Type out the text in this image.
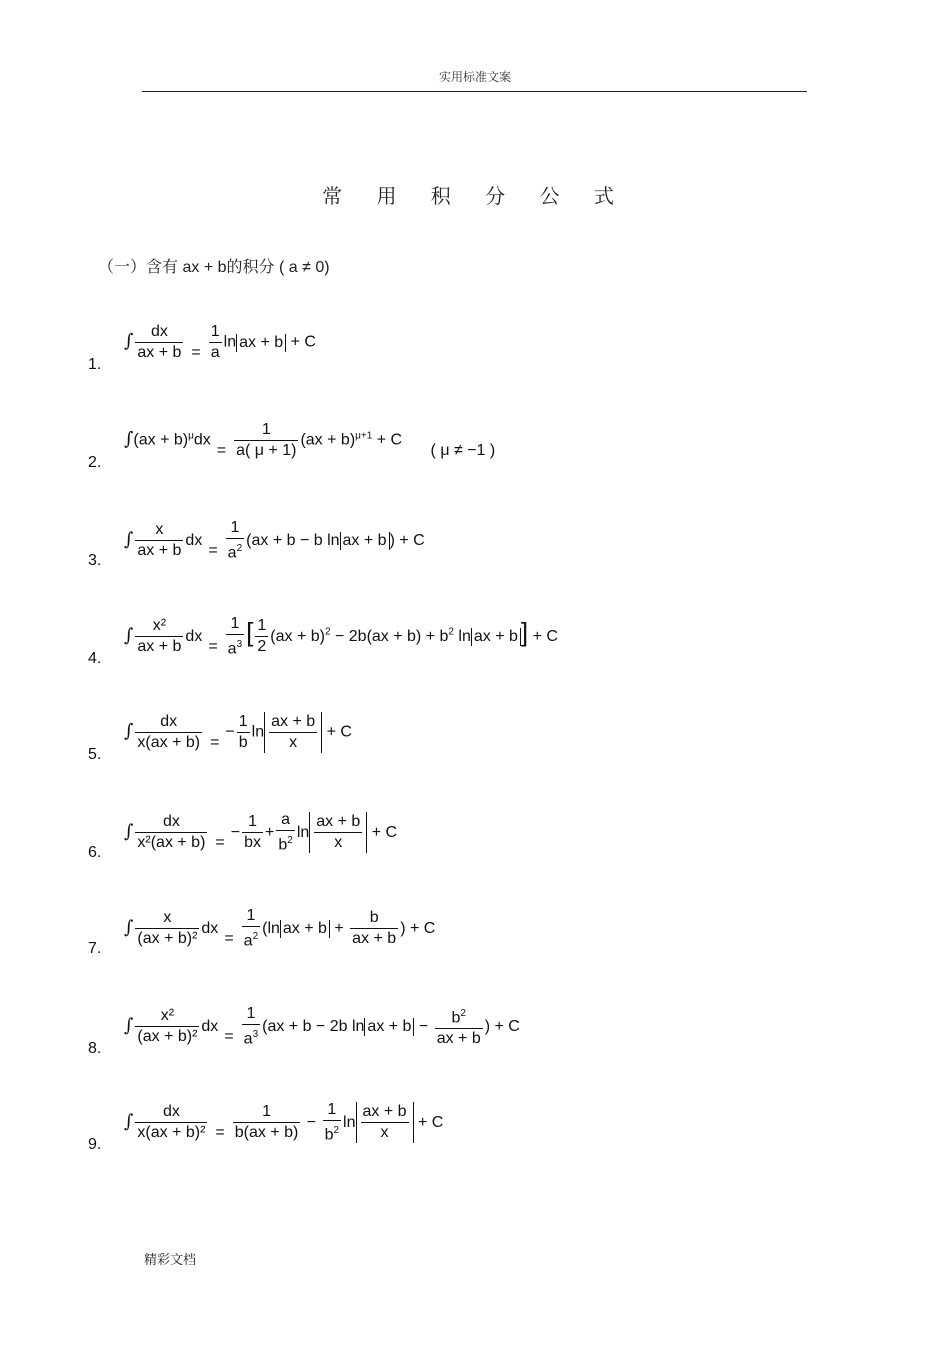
实用标准文案
常 用 积 分 公 式
（一）含有 ax + b的积分 ( a ≠ 0)
1.
∫ $\frac{dx}{ax + b} = \frac{1}{a}$ ln ax + b + C
2.
$\int(ax + b)^\mu dx= \frac{1}{a( \mu + 1)} (ax + b)^{\mu+1} + C$ ( μ ≠ −1 )
3.
∫ $\frac{x}{ax + b} dx= \frac{1}{a^2} (ax + b - b$ ln ax + b ) + C
4.
∫ $\frac{\text{x²}}{ax + b} dx= \frac{1}{a^3}$ [ $\frac{1}{2} (ax + b)^2 - 2b(ax + b) + b^2$ ln ax + b ] + C
5.
∫ $\frac{dx}{x(ax + b)} =- \frac{1}{b}$ $\ln \frac{ax + b}{x} + C$
6.
∫ $\frac{dx}{\text{x²(ax + b)}} =- \frac{1}{bx} + \frac{a}{b^2}$ $\ln \frac{ax + b}{x} + C$
7.
∫ $\frac{x}{\text{(ax + b)²}} dx= \frac{1}{a^2} (\ln$ ax + $b + \frac{b}{ax + b}$ ) + C
8.
∫ $\frac{\text{x²}}{\text{(ax + b)²}} dx= \frac{1}{a^3} (ax + b - 2b$ ln ax + $b - \frac{b^2}{ax + b}$ ) + C
9.
∫ $\frac{dx}{\text{x(ax + b)²}} = \frac{1}{b(ax + b)} - \frac{1}{b^2}$ $\ln \frac{ax + b}{x} + C$
精彩文档
